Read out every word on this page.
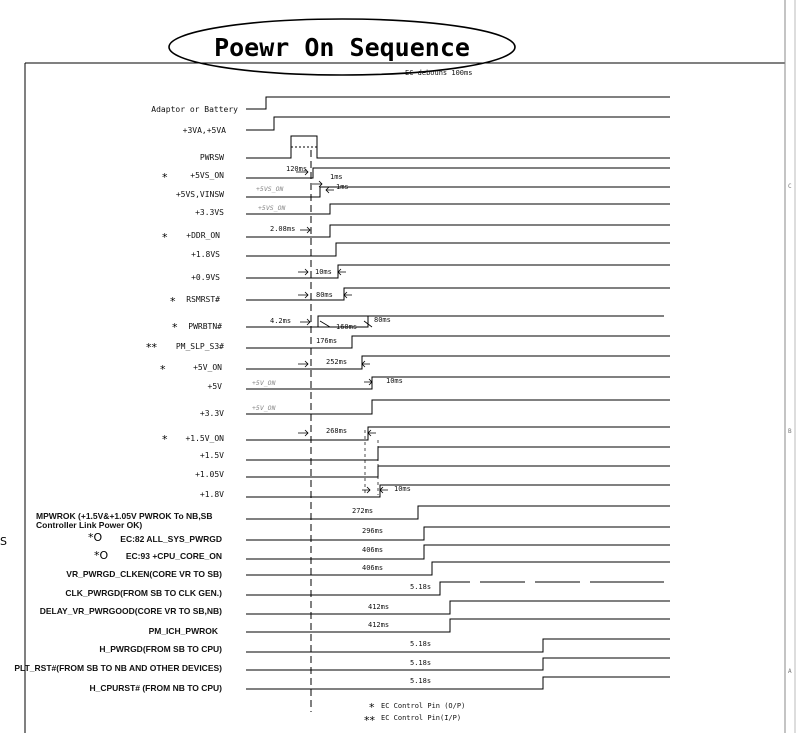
C
B
A
S
Poewr On Sequence
EC debouns 100ms
120ms
1ms
1ms
2.08ms
10ms
80ms
4.2ms
160ms
80ms
176ms
252ms
10ms
268ms
10ms
272ms
296ms
406ms
406ms
5.18s
412ms
412ms
5.18s
5.18s
5.18s
+5VS_ON
+5VS_ON
+5V_ON
+5V_ON
Adaptor or Battery
+3VA,+5VA
PWRSW
+5VS_ON
+5VS,VINSW
+3.3VS
+DDR_ON
+1.8VS
+0.9VS
RSMRST#
PWRBTN#
PM_SLP_S3#
+5V_ON
+5V
+3.3V
+1.5V_ON
+1.5V
+1.05V
+1.8V
MPWROK (+1.5V&+1.05V PWROK To NB,SB
Controller Link Power OK)
EC:82 ALL_SYS_PWRGD
EC:93 +CPU_CORE_ON
VR_PWRGD_CLKEN(CORE VR TO SB)
CLK_PWRGD(FROM SB TO CLK GEN.)
DELAY_VR_PWRGOOD(CORE VR TO SB,NB)
PM_ICH_PWROK
H_PWRGD(FROM SB TO CPU)
PLT_RST#(FROM SB TO NB AND OTHER DEVICES)
H_CPURST# (FROM NB TO CPU)
*
*
*
*
**
*
*
*O
*O
* EC Control Pin (O/P)
** EC Control Pin(I/P)
